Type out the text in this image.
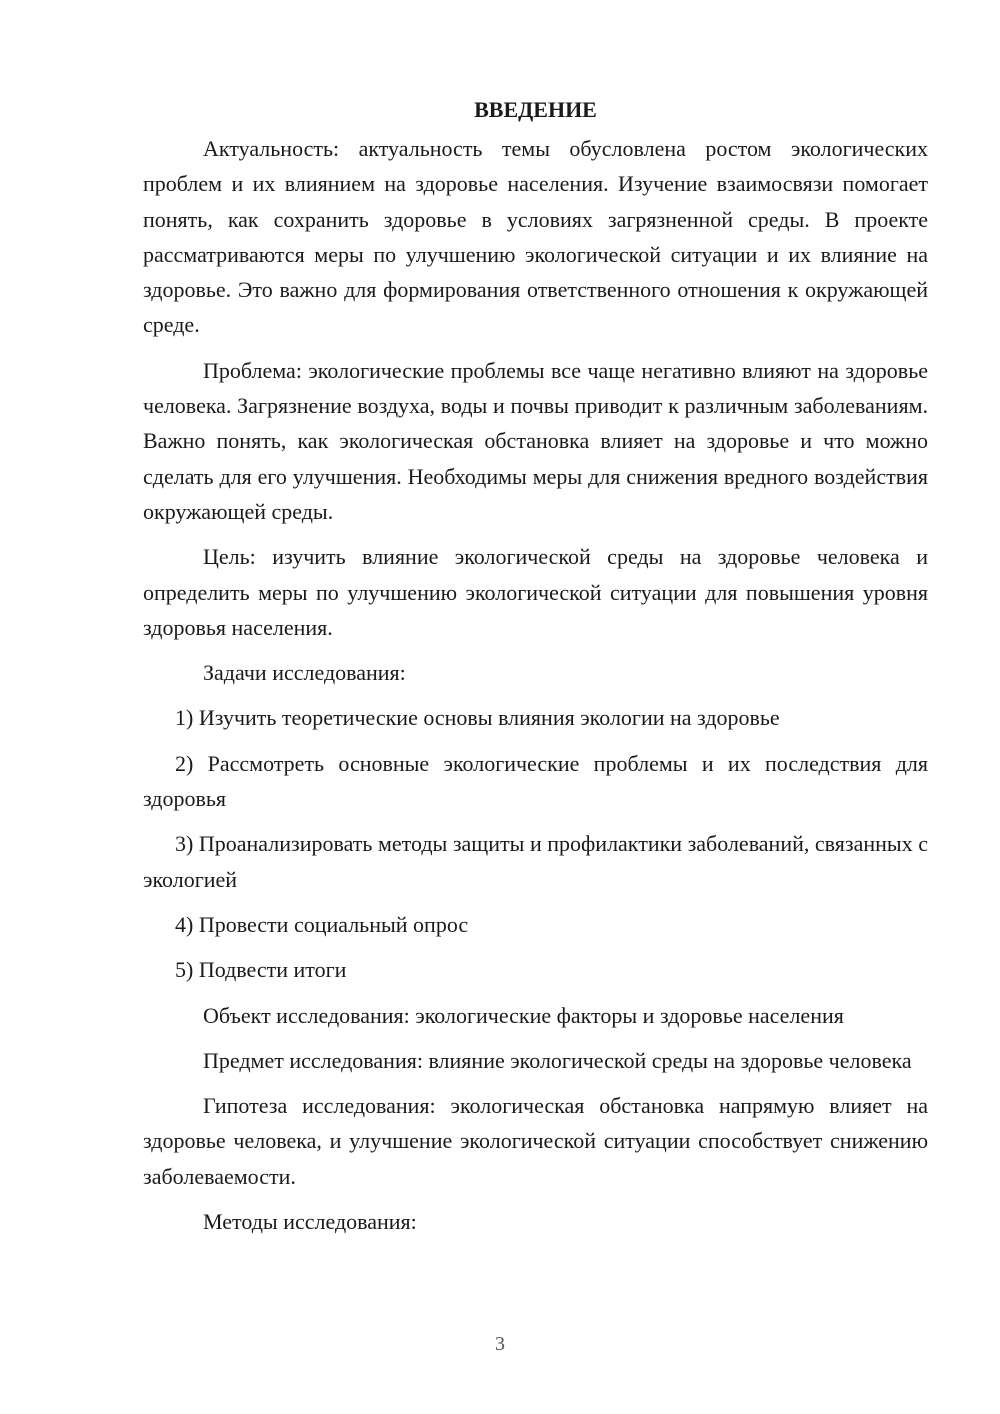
ВВЕДЕНИЕ

Актуальность: актуальность темы обусловлена ростом экологических проблем и их влиянием на здоровье населения. Изучение взаимосвязи помогает понять, как сохранить здоровье в условиях загрязненной среды. В проекте рассматриваются меры по улучшению экологической ситуации и их влияние на здоровье. Это важно для формирования ответственного отношения к окружающей среде.

Проблема: экологические проблемы все чаще негативно влияют на здоровье человека. Загрязнение воздуха, воды и почвы приводит к различным заболеваниям. Важно понять, как экологическая обстановка влияет на здоровье и что можно сделать для его улучшения. Необходимы меры для снижения вредного воздействия окружающей среды.

Цель: изучить влияние экологической среды на здоровье человека и определить меры по улучшению экологической ситуации для повышения уровня здоровья населения.

Задачи исследования:

1) Изучить теоретические основы влияния экологии на здоровье

2) Рассмотреть основные экологические проблемы и их последствия для здоровья

3) Проанализировать методы защиты и профилактики заболеваний, связанных с экологией

4) Провести социальный опрос

5) Подвести итоги

Объект исследования: экологические факторы и здоровье населения

Предмет исследования: влияние экологической среды на здоровье человека

Гипотеза исследования: экологическая обстановка напрямую влияет на здоровье человека, и улучшение экологической ситуации способствует снижению заболеваемости.

Методы исследования:

3
